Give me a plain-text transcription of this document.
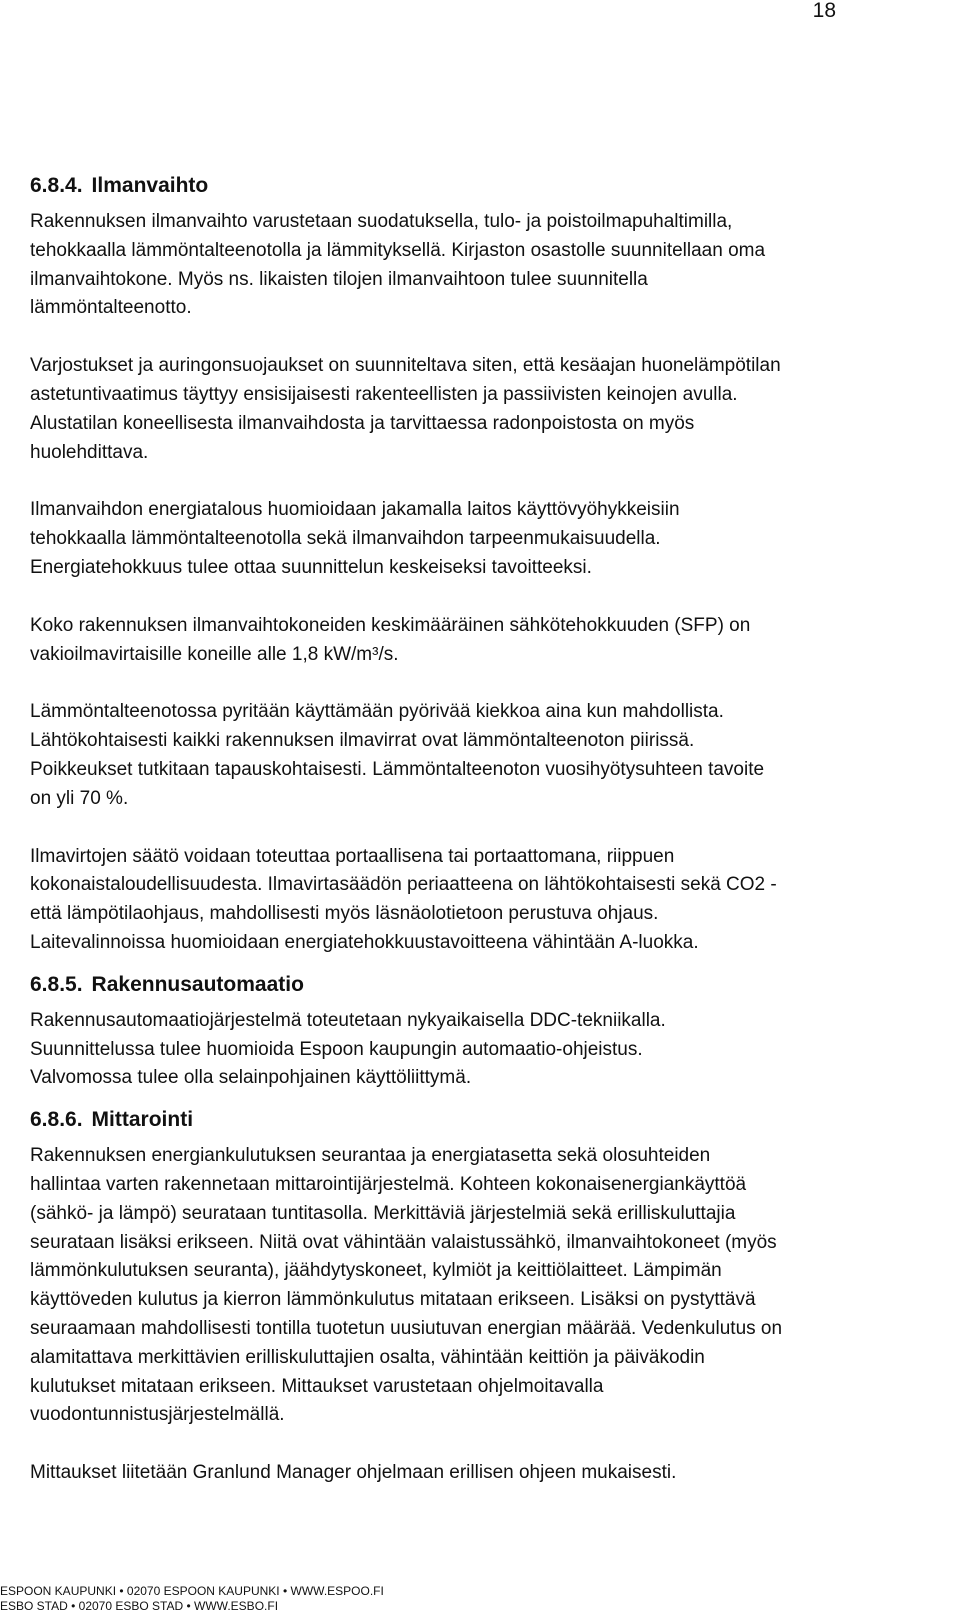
18
6.8.4. Ilmanvaihto

Rakennuksen ilmanvaihto varustetaan suodatuksella, tulo- ja poistoilmapuhaltimilla,
tehokkaalla lämmöntalteenotolla ja lämmityksellä. Kirjaston osastolle suunnitellaan oma
ilmanvaihtokone. Myös ns. likaisten tilojen ilmanvaihtoon tulee suunnitella
lämmöntalteenotto.

Varjostukset ja auringonsuojaukset on suunniteltava siten, että kesäajan huonelämpötilan
astetuntivaatimus täyttyy ensisijaisesti rakenteellisten ja passiivisten keinojen avulla.
Alustatilan koneellisesta ilmanvaihdosta ja tarvittaessa radonpoistosta on myös
huolehdittava.

Ilmanvaihdon energiatalous huomioidaan jakamalla laitos käyttövyöhykkeisiin
tehokkaalla lämmöntalteenotolla sekä ilmanvaihdon tarpeenmukaisuudella.
Energiatehokkuus tulee ottaa suunnittelun keskeiseksi tavoitteeksi.

Koko rakennuksen ilmanvaihtokoneiden keskimääräinen sähkötehokkuuden (SFP) on
vakioilmavirtaisille koneille alle 1,8 kW/m³/s.

Lämmöntalteenotossa pyritään käyttämään pyörivää kiekkoa aina kun mahdollista.
Lähtökohtaisesti kaikki rakennuksen ilmavirrat ovat lämmöntalteenoton piirissä.
Poikkeukset tutkitaan tapauskohtaisesti. Lämmöntalteenoton vuosihyötysuhteen tavoite
on yli 70 %.

Ilmavirtojen säätö voidaan toteuttaa portaallisena tai portaattomana, riippuen
kokonaistaloudellisuudesta. Ilmavirtasäädön periaatteena on lähtökohtaisesti sekä CO2 -
että lämpötilaohjaus, mahdollisesti myös läsnäolotietoon perustuva ohjaus.
Laitevalinnoissa huomioidaan energiatehokkuustavoitteena vähintään A-luokka.

6.8.5. Rakennusautomaatio

Rakennusautomaatiojärjestelmä toteutetaan nykyaikaisella DDC-tekniikalla.
Suunnittelussa tulee huomioida Espoon kaupungin automaatio-ohjeistus.
Valvomossa tulee olla selainpohjainen käyttöliittymä.

6.8.6. Mittarointi

Rakennuksen energiankulutuksen seurantaa ja energiatasetta sekä olosuhteiden
hallintaa varten rakennetaan mittarointijärjestelmä. Kohteen kokonaisenergiankäyttöä
(sähkö- ja lämpö) seurataan tuntitasolla. Merkittäviä järjestelmiä sekä erilliskuluttajia
seurataan lisäksi erikseen. Niitä ovat vähintään valaistussähkö, ilmanvaihtokoneet (myös
lämmönkulutuksen seuranta), jäähdytyskoneet, kylmiöt ja keittiölaitteet. Lämpimän
käyttöveden kulutus ja kierron lämmönkulutus mitataan erikseen. Lisäksi on pystyttävä
seuraamaan mahdollisesti tontilla tuotetun uusiutuvan energian määrää. Vedenkulutus on
alamitattava merkittävien erilliskuluttajien osalta, vähintään keittiön ja päiväkodin
kulutukset mitataan erikseen. Mittaukset varustetaan ohjelmoitavalla
vuodontunnistusjärjestelmällä.

Mittaukset liitetään Granlund Manager ohjelmaan erillisen ohjeen mukaisesti.

ESPOON KAUPUNKI • 02070 ESPOON KAUPUNKI • WWW.ESPOO.FI
ESBO STAD • 02070 ESBO STAD • WWW.ESBO.FI
